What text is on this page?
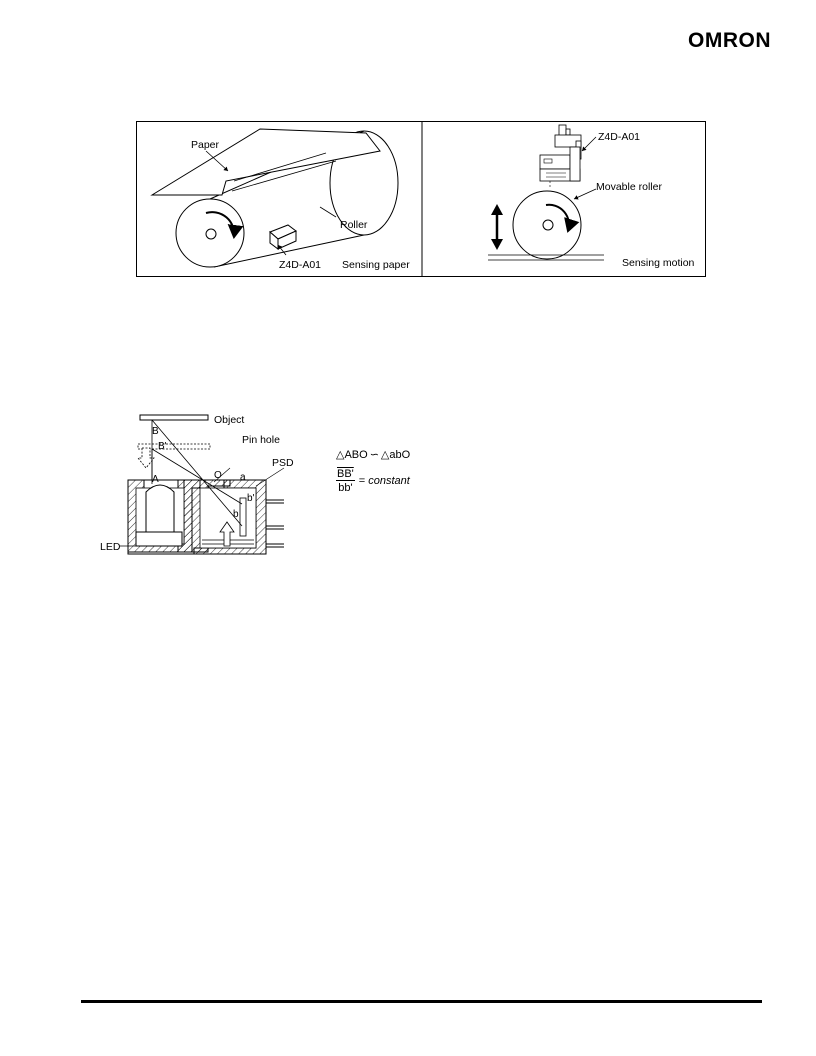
OMRON
Paper
Roller
Z4D-A01 Sensing paper
Z4D-A01
Movable roller
Sensing motion
Object
Pin hole
PSD
LED
B
B'
A	O a
b
b'
△ABO ∽ △abO
$\frac{BB'}{bb'}$ = constant
